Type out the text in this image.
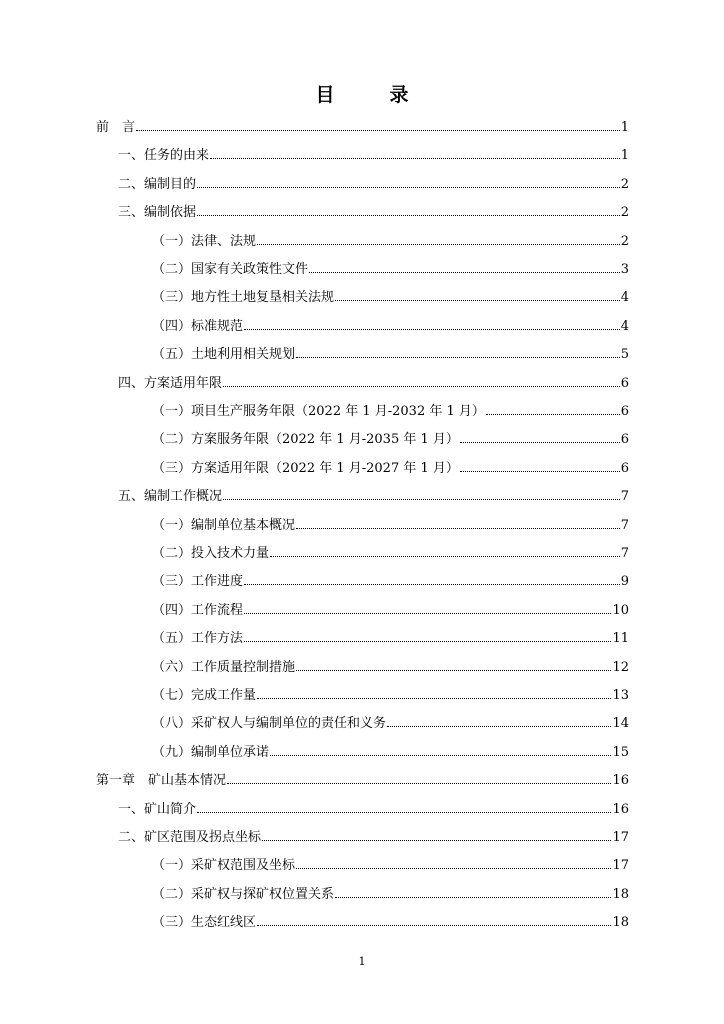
目　录
前　言	1
一、任务的由来	1
二、编制目的	2
三、编制依据	2
（一）法律、法规	2
（二）国家有关政策性文件	3
（三）地方性土地复垦相关法规	4
（四）标准规范	4
（五）土地利用相关规划	5
四、方案适用年限	6
（一）项目生产服务年限（2022 年 1 月-2032 年 1 月）	6
（二）方案服务年限（2022 年 1 月-2035 年 1 月）	6
（三）方案适用年限（2022 年 1 月-2027 年 1 月）	6
五、编制工作概况	7
（一）编制单位基本概况	7
（二）投入技术力量	7
（三）工作进度	9
（四）工作流程	10
（五）工作方法	11
（六）工作质量控制措施	12
（七）完成工作量	13
（八）采矿权人与编制单位的责任和义务	14
（九）编制单位承诺	15
第一章　矿山基本情况	16
一、矿山简介	16
二、矿区范围及拐点坐标	17
（一）采矿权范围及坐标	17
（二）采矿权与探矿权位置关系	18
（三）生态红线区	18
1
